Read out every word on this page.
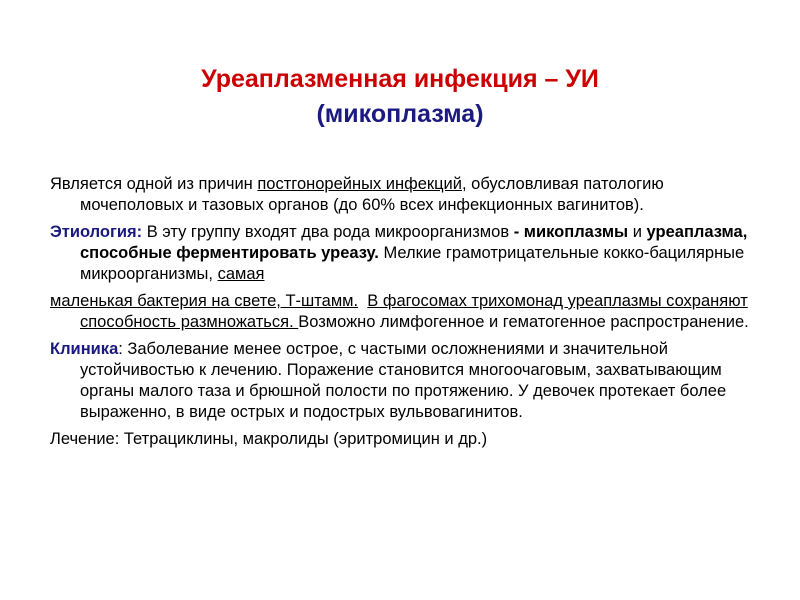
Уреаплазменная инфекция – УИ
(микоплазма)

Является одной из причин постгонорейных инфекций, обусловливая патологию мочеполовых и тазовых органов (до 60% всех инфекционных вагинитов).

Этиология: В эту группу входят два рода микроорганизмов - микоплазмы и уреаплазма, способные ферментировать уреазу. Мелкие грамотрицательные кокко-бацилярные микроорганизмы, самая
маленькая бактерия на свете, Т-штамм. В фагосомах трихомонад уреаплазмы сохраняют способность размножаться. Возможно лимфогенное и гематогенное распространение.

Клиника: Заболевание менее острое, с частыми осложнениями и значительной устойчивостью к лечению. Поражение становится многоочаговым, захватывающим органы малого таза и брюшной полости по протяжению. У девочек протекает более выраженно, в виде острых и подострых вульвовагинитов.

Лечение: Тетрациклины, макролиды (эритромицин и др.)
